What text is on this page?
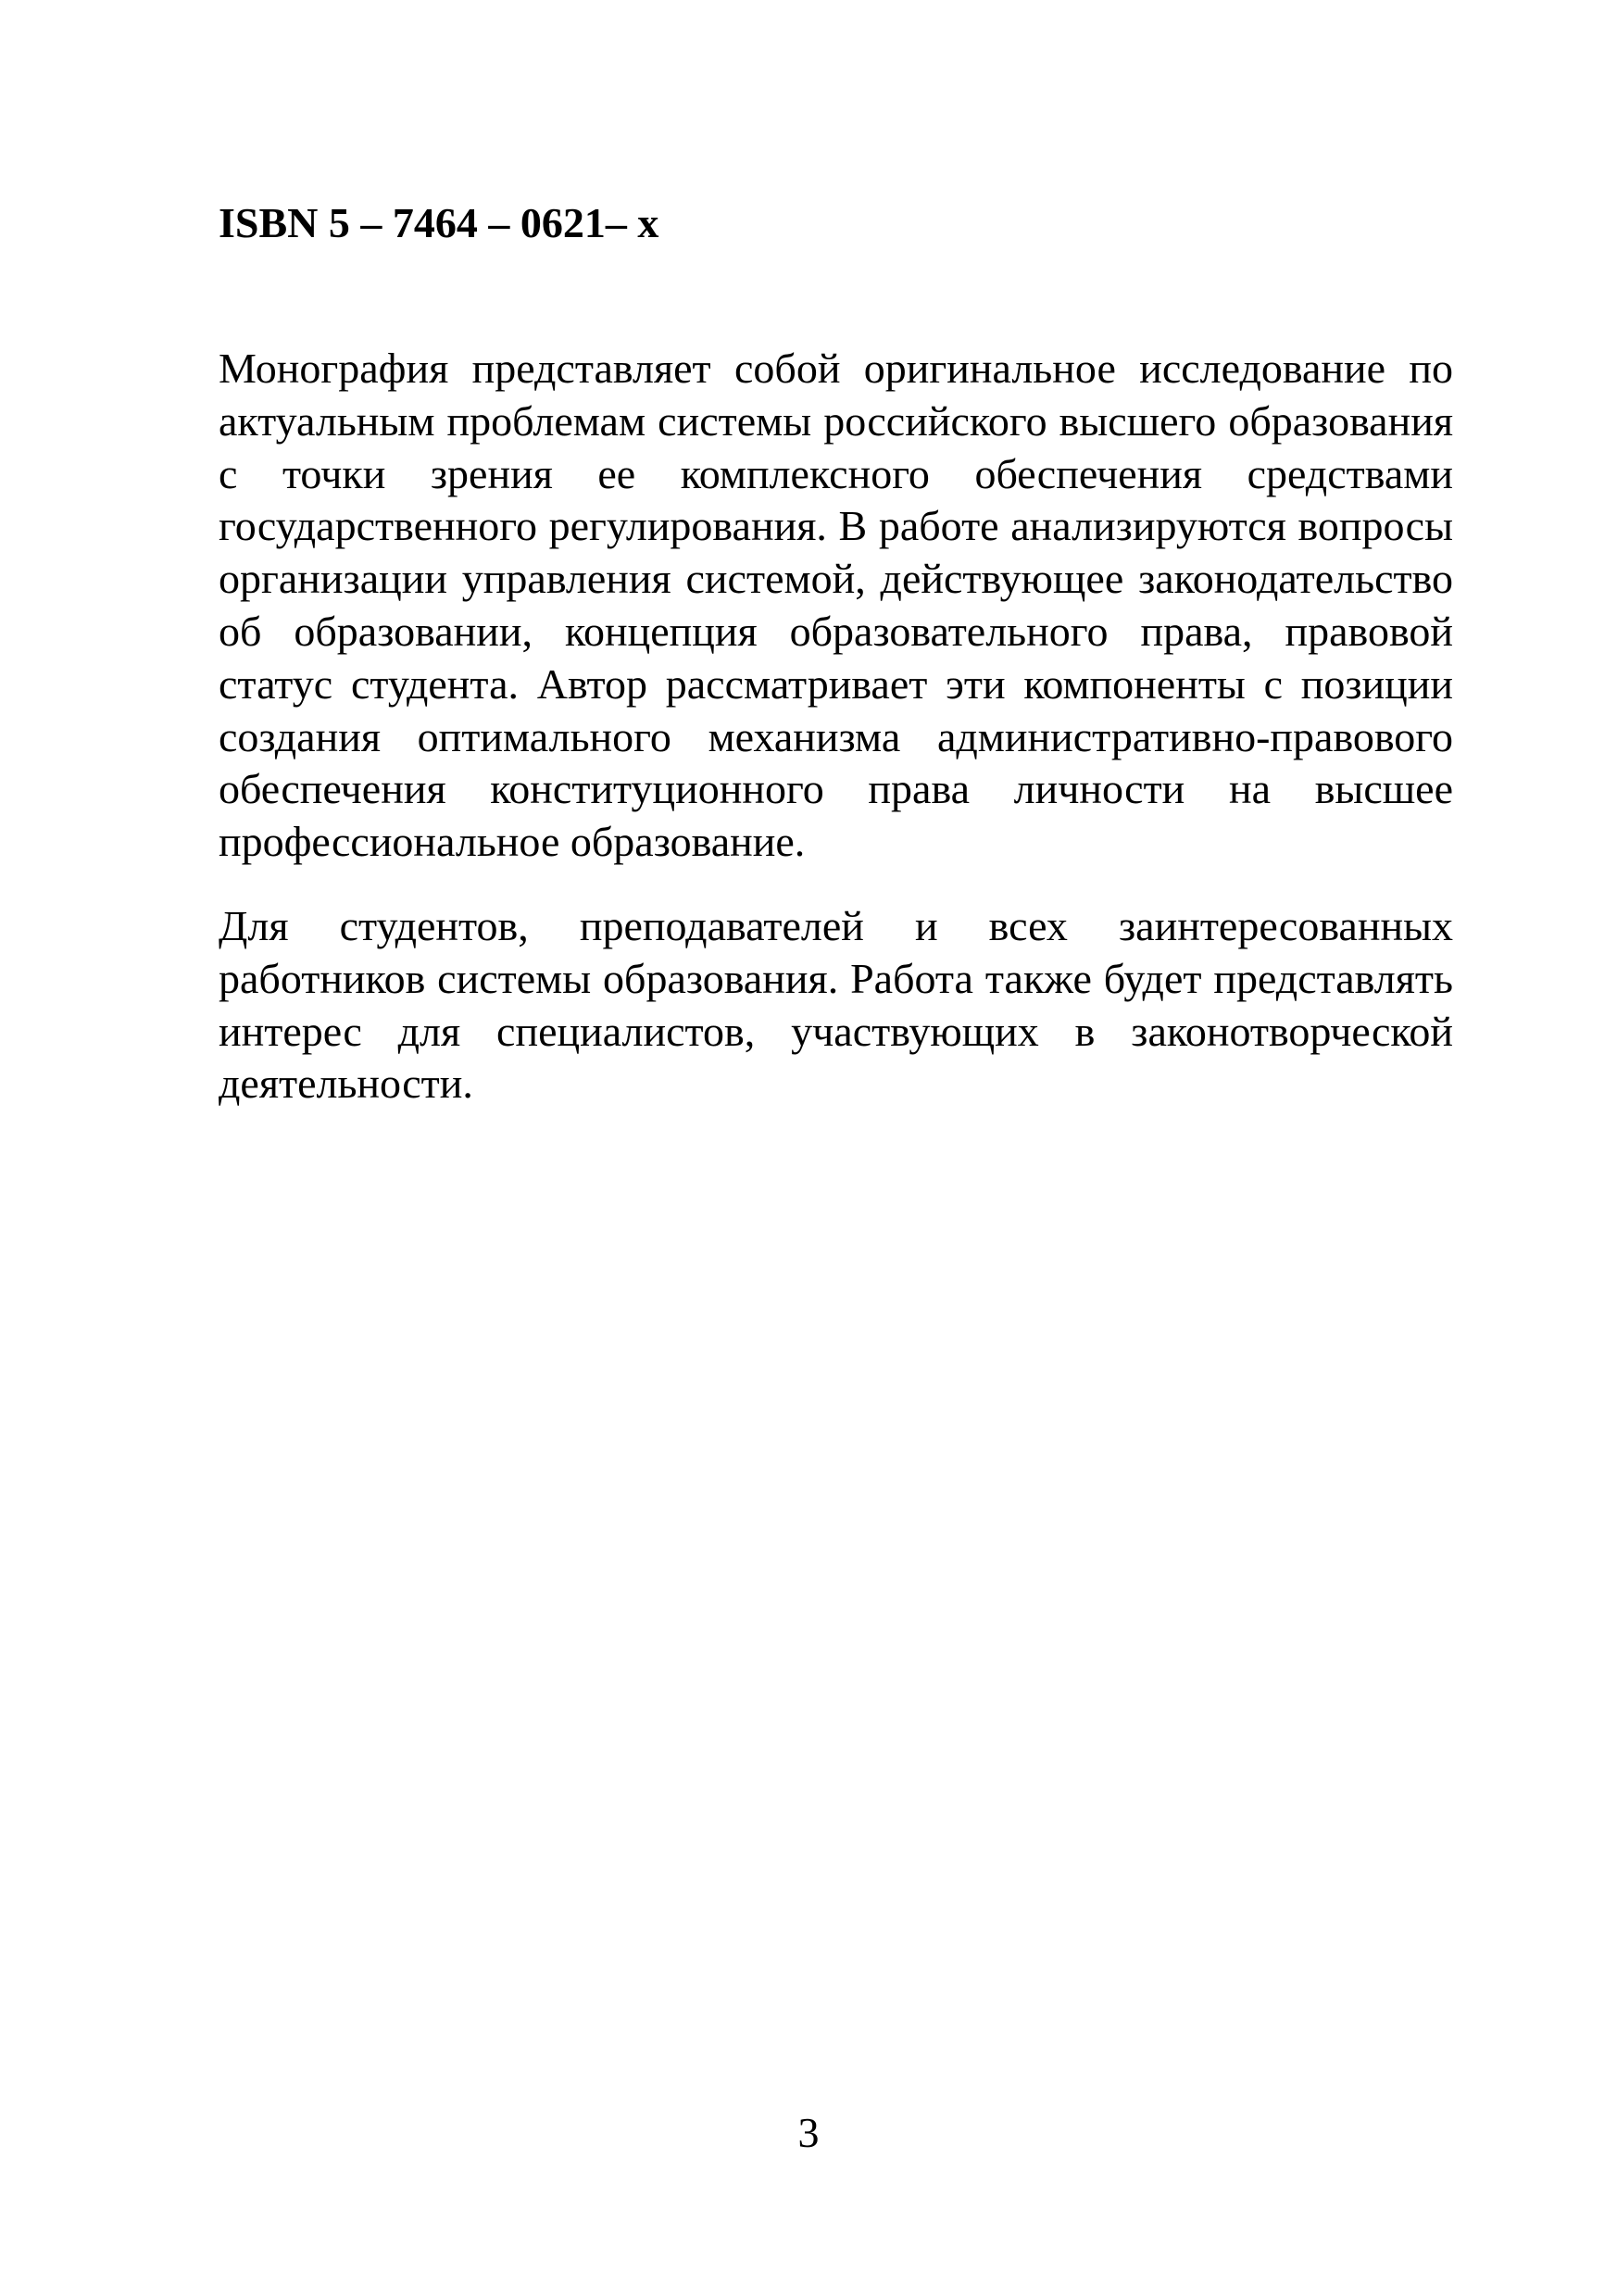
ISBN 5 – 7464 – 0621– x

Монография представляет собой оригинальное исследование по актуальным проблемам системы российского высшего образования с точки зрения ее комплексного обеспечения средствами государственного регулирования. В работе анализируются вопросы организации управления системой, действующее законодательство об образовании, концепция образовательного права, правовой статус студента. Автор рассматривает эти компоненты с позиции создания оптимального механизма административно-правового обеспечения конституционного права личности на высшее профессиональное образование.

Для студентов, преподавателей и всех заинтересованных работников системы образования. Работа также будет представлять интерес для специалистов, участвующих в законотворческой деятельности.

3
